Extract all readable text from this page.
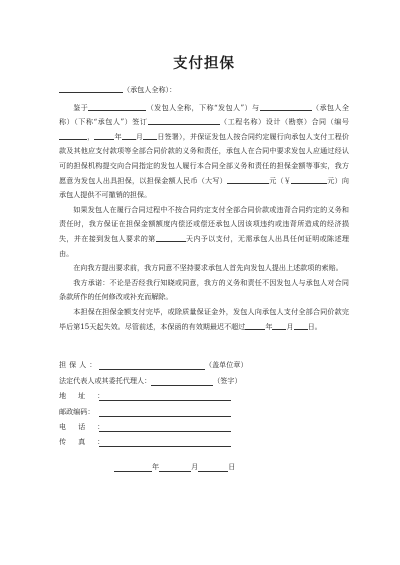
支付担保

（承包人全称）：

鉴于	（发包人全称，下称“发包人”）与	（承包人全称）（下称“承包人”）签订	（工程名称）设计（勘察）合同（编号，	年 月 日签署），并保证发包人按合同约定履行向承包人支付工程价款及其他应支付款项等全部合同价款的义务和责任，承包人在合同中要求发包人应通过经认可的担保机构提交向合同指定的发包人履行本合同全部义务和责任的担保金额等事实，我方愿意为发包人出具担保，以担保金额人民币（大写）	元（￥	元）向承包人提供不可撤销的担保。

如果发包人在履行合同过程中不按合同约定支付全部合同价款或违背合同约定的义务和责任时，我方保证在担保金额额度内偿还或偿还承包人因该项违约或违背所造成的经济损失，并在接到发包人要求的第	天内予以支付，无需承包人出具任何证明或陈述理由。

在向我方提出要求前，我方同意不坚持要求承包人首先向发包人提出上述款项的索赔。

我方承诺：不论是否经我行知晓或同意，我方的义务和责任不因发包人与承包人对合同条款所作的任何修改或补充而解除。

本担保在担保金额支付完毕，或除质量保证金外，发包人向承包人支付全部合同价款完毕后第15天起失效。尽管前述，本保函的有效期最迟不超过	年 月 日。

担保人：	（盖单位章）
法定代表人或其委托代理人：	（签字）
地址：
邮政编码：
电话：
传真：
年	月	日
